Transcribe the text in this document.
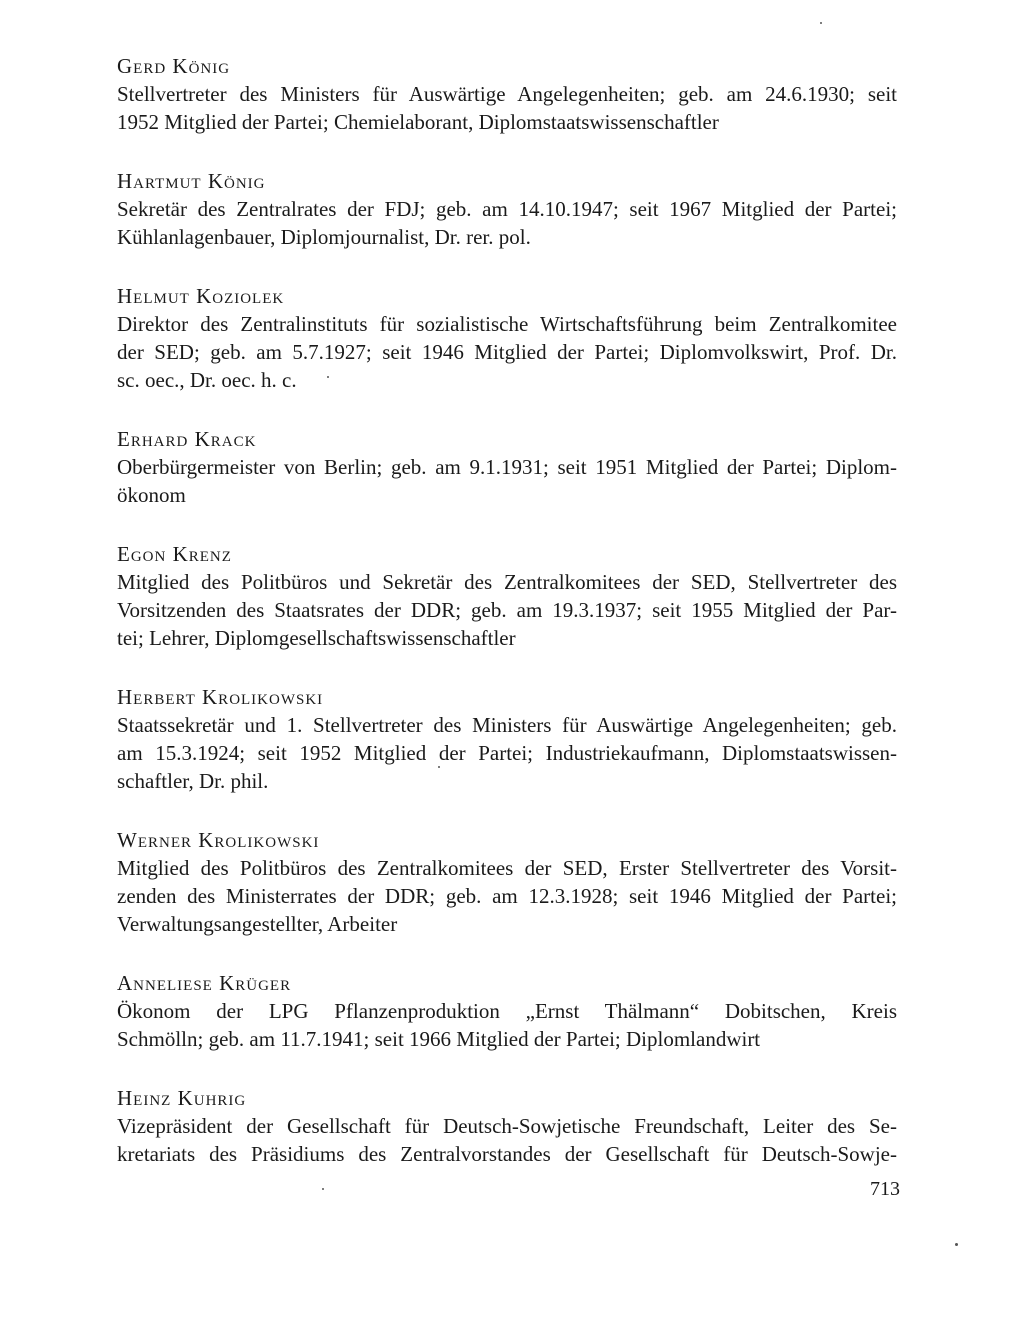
Gerd König
Stellvertreter des Ministers für Auswärtige Angelegenheiten; geb. am 24.6.1930; seit
1952 Mitglied der Partei; Chemielaborant, Diplomstaatswissenschaftler
Hartmut König
Sekretär des Zentralrates der FDJ; geb. am 14.10.1947; seit 1967 Mitglied der Partei;
Kühlanlagenbauer, Diplomjournalist, Dr. rer. pol.
Helmut Koziolek
Direktor des Zentralinstituts für sozialistische Wirtschaftsführung beim Zentralkomitee
der SED; geb. am 5.7.1927; seit 1946 Mitglied der Partei; Diplomvolkswirt, Prof. Dr.
sc. oec., Dr. oec. h. c.
Erhard Krack
Oberbürgermeister von Berlin; geb. am 9.1.1931; seit 1951 Mitglied der Partei; Diplom-
ökonom
Egon Krenz
Mitglied des Politbüros und Sekretär des Zentralkomitees der SED, Stellvertreter des
Vorsitzenden des Staatsrates der DDR; geb. am 19.3.1937; seit 1955 Mitglied der Par-
tei; Lehrer, Diplomgesellschaftswissenschaftler
Herbert Krolikowski
Staatssekretär und 1. Stellvertreter des Ministers für Auswärtige Angelegenheiten; geb.
am 15.3.1924; seit 1952 Mitglied der Partei; Industriekaufmann, Diplomstaatswissen-
schaftler, Dr. phil.
Werner Krolikowski
Mitglied des Politbüros des Zentralkomitees der SED, Erster Stellvertreter des Vorsit-
zenden des Ministerrates der DDR; geb. am 12.3.1928; seit 1946 Mitglied der Partei;
Verwaltungsangestellter, Arbeiter
Anneliese Krüger
Ökonom der LPG Pflanzenproduktion „Ernst Thälmann“ Dobitschen, Kreis
Schmölln; geb. am 11.7.1941; seit 1966 Mitglied der Partei; Diplomlandwirt
Heinz Kuhrig
Vizepräsident der Gesellschaft für Deutsch-Sowjetische Freundschaft, Leiter des Se-
kretariats des Präsidiums des Zentralvorstandes der Gesellschaft für Deutsch-Sowje-
713
